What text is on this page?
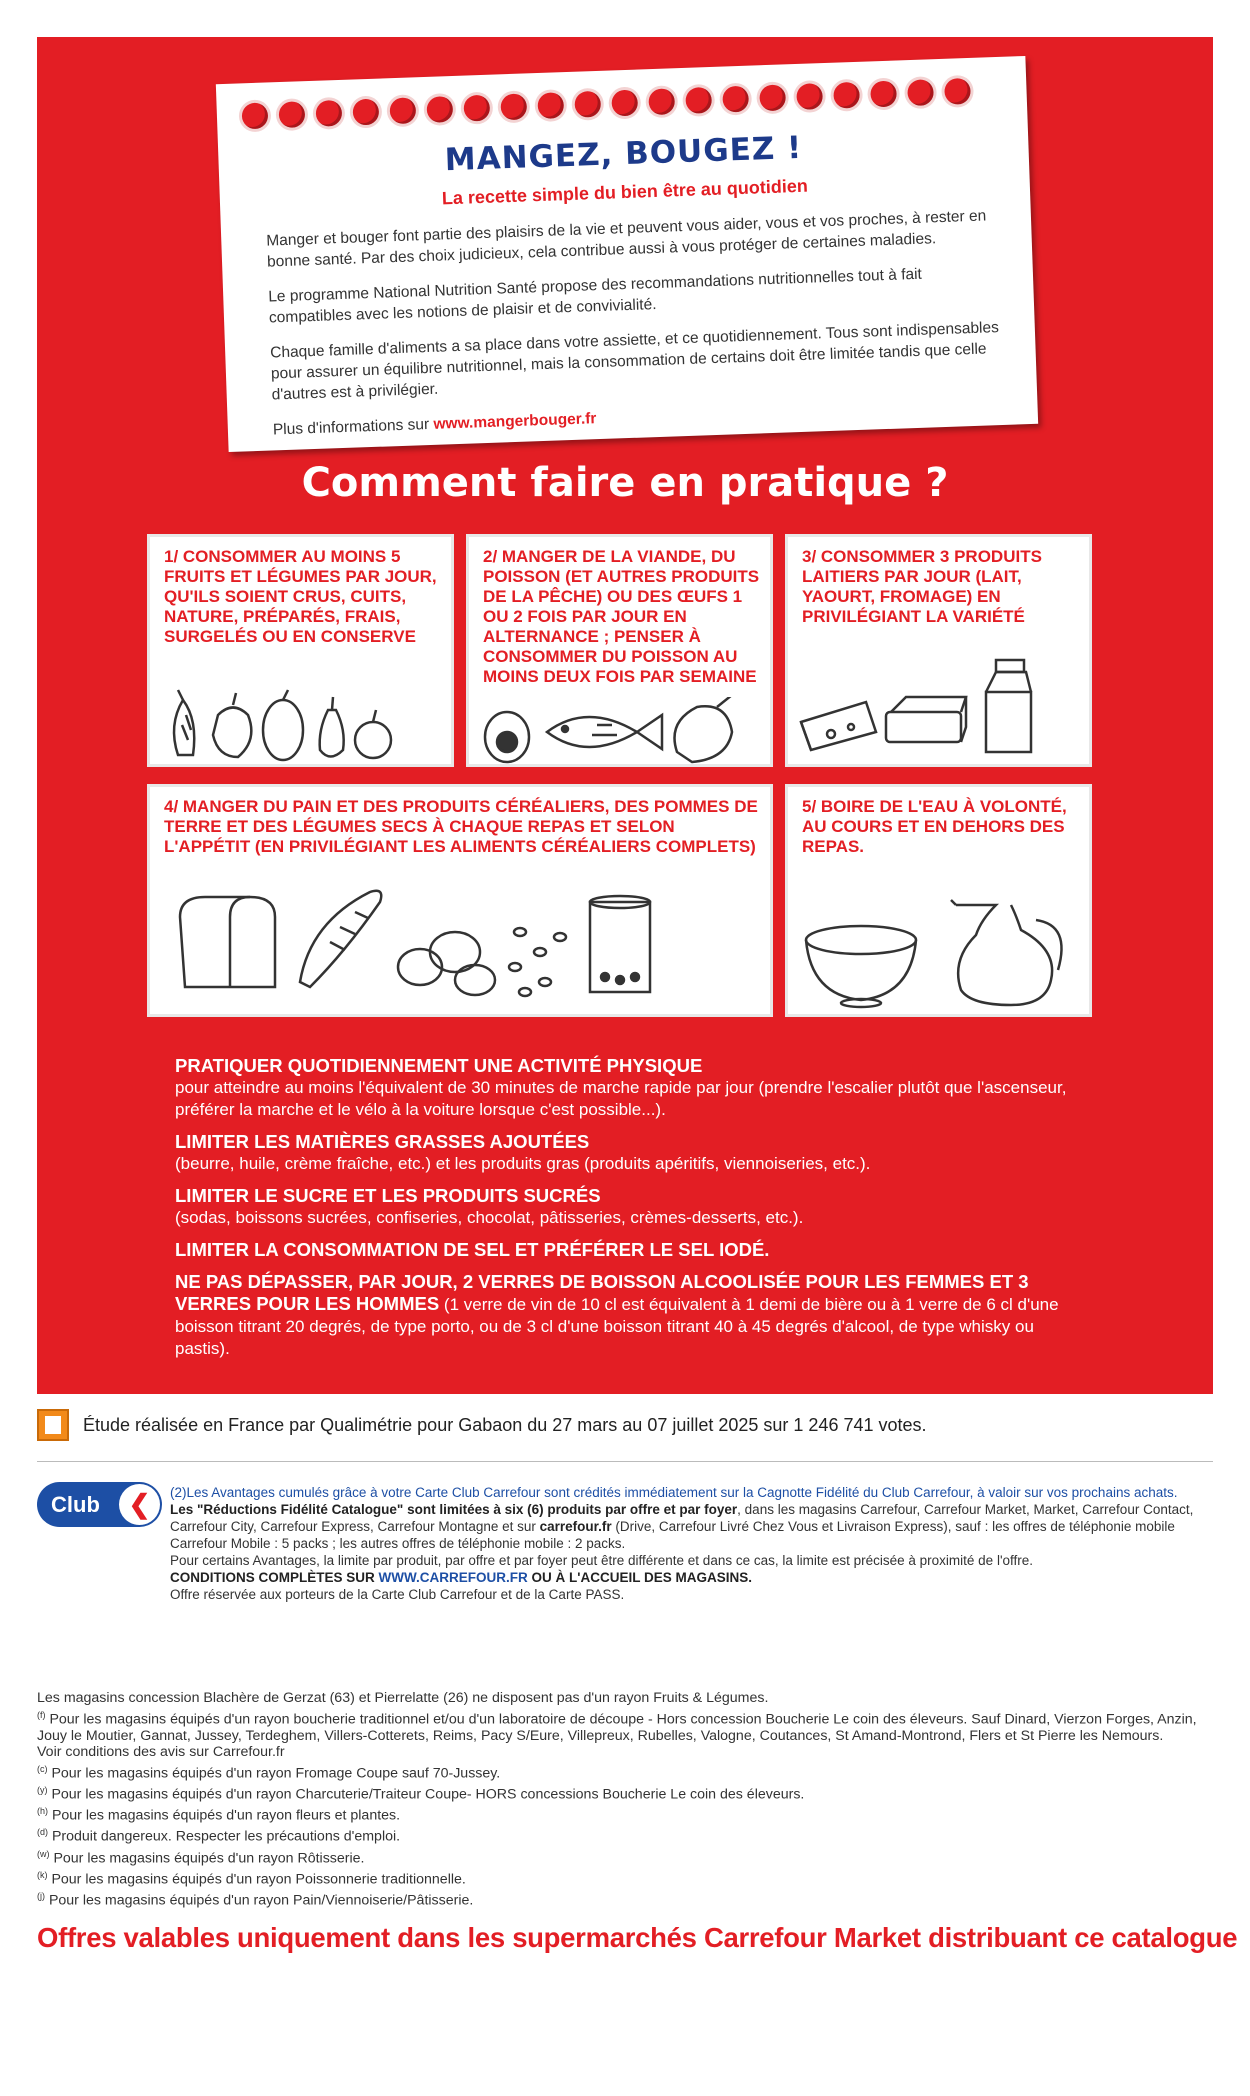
MANGEZ, BOUGEZ !
La recette simple du bien être au quotidien

Manger et bouger font partie des plaisirs de la vie et peuvent vous aider, vous et vos proches, à rester en bonne santé. Par des choix judicieux, cela contribue aussi à vous protéger de certaines maladies.

Le programme National Nutrition Santé propose des recommandations nutritionnelles tout à fait compatibles avec les notions de plaisir et de convivialité.

Chaque famille d'aliments a sa place dans votre assiette, et ce quotidiennement. Tous sont indispensables pour assurer un équilibre nutritionnel, mais la consommation de certains doit être limitée tandis que celle d'autres est à privilégier.

Plus d'informations sur www.mangerbouger.fr

Comment faire en pratique ?
1/ CONSOMMER AU MOINS 5 FRUITS ET LÉGUMES PAR JOUR, QU'ILS SOIENT CRUS, CUITS, NATURE, PRÉPARÉS, FRAIS, SURGELÉS OU EN CONSERVE
2/ MANGER DE LA VIANDE, DU POISSON (ET AUTRES PRODUITS DE LA PÊCHE) OU DES ŒUFS 1 OU 2 FOIS PAR JOUR EN ALTERNANCE ; PENSER À CONSOMMER DU POISSON AU MOINS DEUX FOIS PAR SEMAINE
3/ CONSOMMER 3 PRODUITS LAITIERS PAR JOUR (LAIT, YAOURT, FROMAGE) EN PRIVILÉGIANT LA VARIÉTÉ
4/ MANGER DU PAIN ET DES PRODUITS CÉRÉALIERS, DES POMMES DE TERRE ET DES LÉGUMES SECS À CHAQUE REPAS ET SELON L'APPÉTIT (EN PRIVILÉGIANT LES ALIMENTS CÉRÉALIERS COMPLETS)
5/ BOIRE DE L'EAU À VOLONTÉ, AU COURS ET EN DEHORS DES REPAS.
PRATIQUER QUOTIDIENNEMENT UNE ACTIVITÉ PHYSIQUE
pour atteindre au moins l'équivalent de 30 minutes de marche rapide par jour (prendre l'escalier plutôt que l'ascenseur, préférer la marche et le vélo à la voiture lorsque c'est possible...).
LIMITER LES MATIÈRES GRASSES AJOUTÉES
(beurre, huile, crème fraîche, etc.) et les produits gras (produits apéritifs, viennoiseries, etc.).
LIMITER LE SUCRE ET LES PRODUITS SUCRÉS
(sodas, boissons sucrées, confiseries, chocolat, pâtisseries, crèmes-desserts, etc.).
LIMITER LA CONSOMMATION DE SEL ET PRÉFÉRER LE SEL IODÉ.
NE PAS DÉPASSER, PAR JOUR, 2 VERRES DE BOISSON ALCOOLISÉE POUR LES FEMMES ET 3 VERRES POUR LES HOMMES (1 verre de vin de 10 cl est équivalent à 1 demi de bière ou à 1 verre de 6 cl d'une boisson titrant 20 degrés, de type porto, ou de 3 cl d'une boisson titrant 40 à 45 degrés d'alcool, de type whisky ou pastis).
Étude réalisée en France par Qualimétrie pour Gabaon du 27 mars au 07 juillet 2025 sur 1 246 741 votes.
Club	❮	(2)Les Avantages cumulés grâce à votre Carte Club Carrefour sont crédités immédiatement sur la Cagnotte Fidélité du Club Carrefour, à valoir sur vos prochains achats.
Les "Réductions Fidélité Catalogue" sont limitées à six (6) produits par offre et par foyer, dans les magasins Carrefour, Carrefour Market, Market, Carrefour Contact, Carrefour City, Carrefour Express, Carrefour Montagne et sur carrefour.fr (Drive, Carrefour Livré Chez Vous et Livraison Express), sauf : les offres de téléphonie mobile Carrefour Mobile : 5 packs ; les autres offres de téléphonie mobile : 2 packs.
Pour certains Avantages, la limite par produit, par offre et par foyer peut être différente et dans ce cas, la limite est précisée à proximité de l'offre.
CONDITIONS COMPLÈTES SUR WWW.CARREFOUR.FR OU À L'ACCUEIL DES MAGASINS.
Offre réservée aux porteurs de la Carte Club Carrefour et de la Carte PASS.
Les magasins concession Blachère de Gerzat (63) et Pierrelatte (26) ne disposent pas d'un rayon Fruits & Légumes.
$^{(f)}$ Pour les magasins équipés d'un rayon boucherie traditionnel et/ou d'un laboratoire de découpe - Hors concession Boucherie Le coin des éleveurs. Sauf Dinard, Vierzon Forges, Anzin, Jouy le Moutier, Gannat, Jussey, Terdeghem, Villers-Cotterets, Reims, Pacy S/Eure, Villepreux, Rubelles, Valogne, Coutances, St Amand-Montrond, Flers et St Pierre les Nemours.
Voir conditions des avis sur Carrefour.fr
$^{(c)}$ Pour les magasins équipés d'un rayon Fromage Coupe sauf 70-Jussey.
$^{(y)}$ Pour les magasins équipés d'un rayon Charcuterie/Traiteur Coupe- HORS concessions Boucherie Le coin des éleveurs.
$^{(h)}$ Pour les magasins équipés d'un rayon fleurs et plantes.
$^{(d)}$ Produit dangereux. Respecter les précautions d'emploi.
$^{(w)}$ Pour les magasins équipés d'un rayon Rôtisserie.
$^{(k)}$ Pour les magasins équipés d'un rayon Poissonnerie traditionnelle.
$^{(j)}$ Pour les magasins équipés d'un rayon Pain/Viennoiserie/Pâtisserie.
Offres valables uniquement dans les supermarchés Carrefour Market distribuant ce catalogue
